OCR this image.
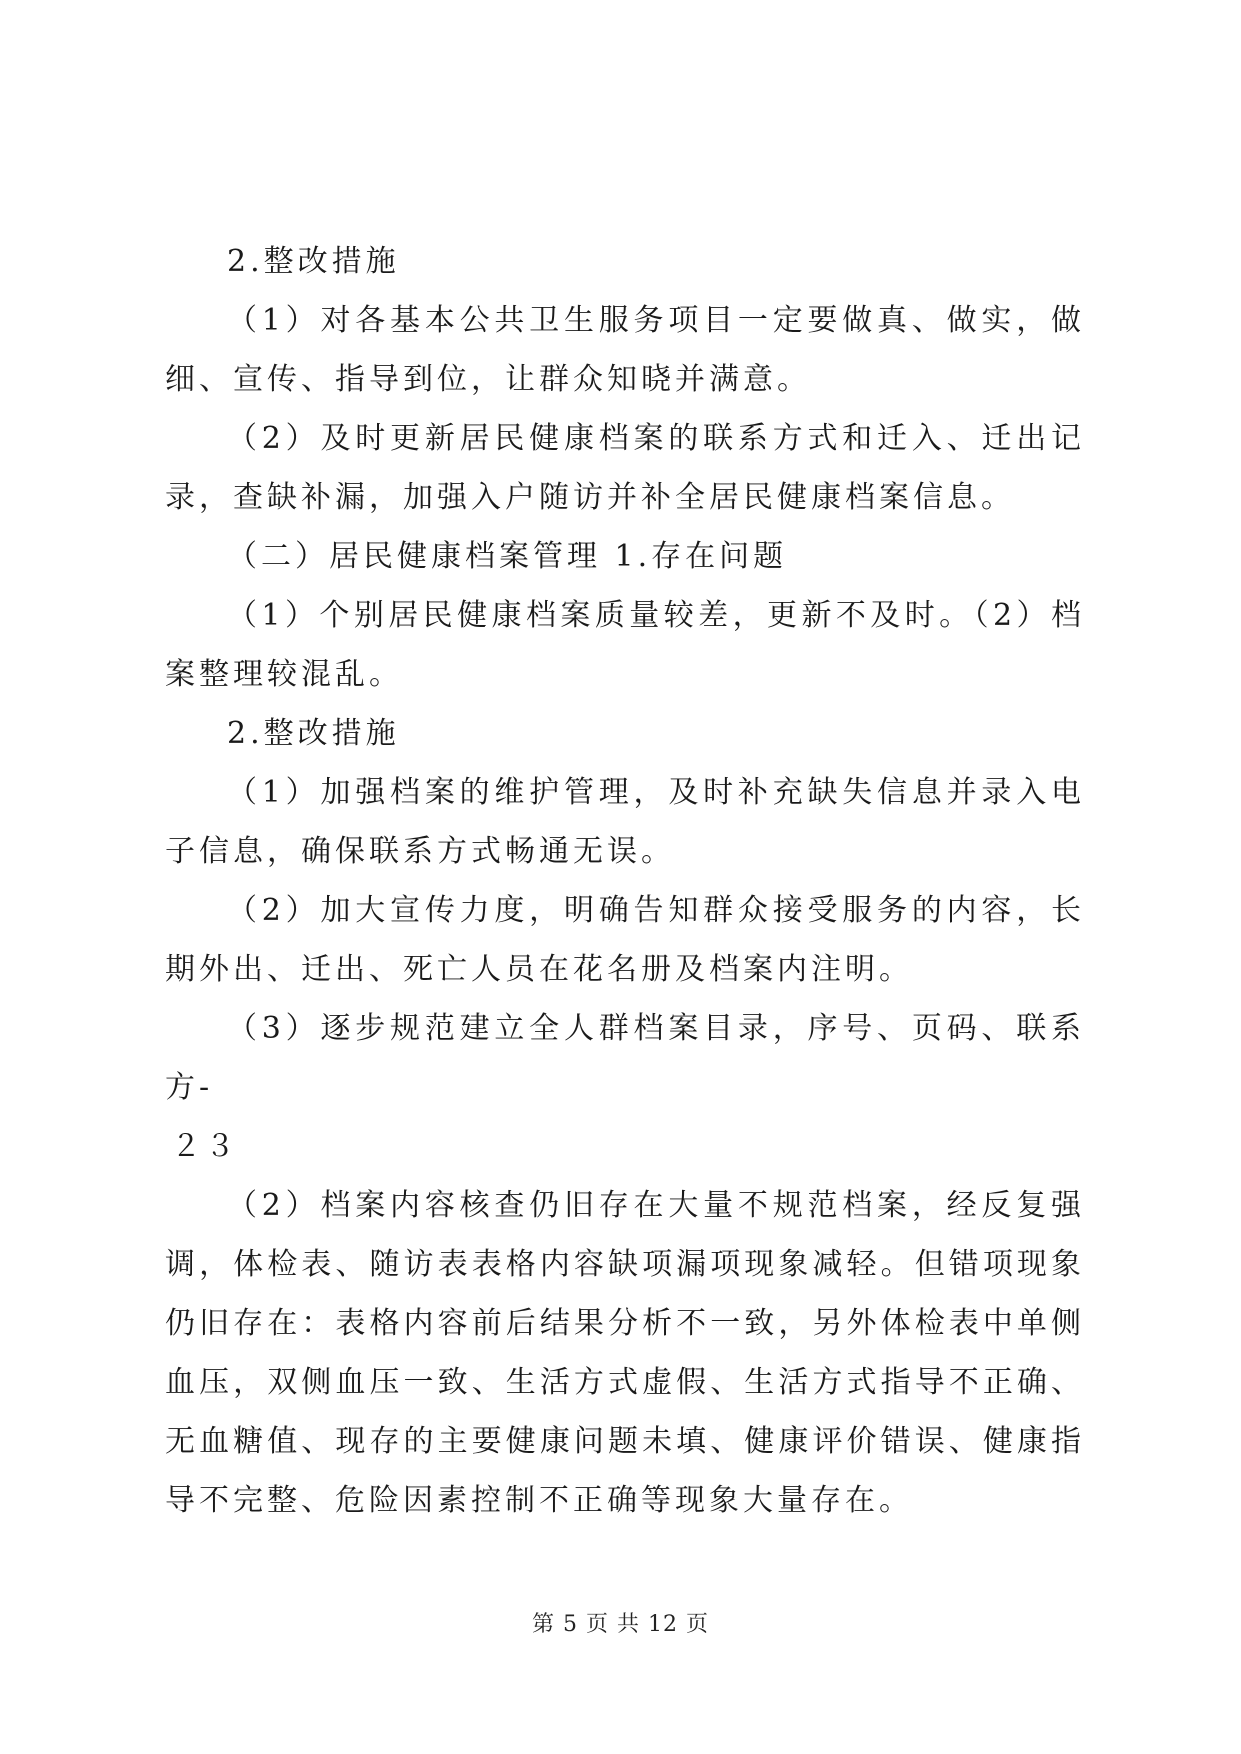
2.整改措施

（1）对各基本公共卫生服务项目一定要做真、做实，做细、宣传、指导到位，让群众知晓并满意。

（2）及时更新居民健康档案的联系方式和迁入、迁出记录，查缺补漏，加强入户随访并补全居民健康档案信息。

（二）居民健康档案管理 1.存在问题

（1）个别居民健康档案质量较差，更新不及时。（2）档案整理较混乱。

2.整改措施

（1）加强档案的维护管理，及时补充缺失信息并录入电子信息，确保联系方式畅通无误。

（2）加大宣传力度，明确告知群众接受服务的内容，长期外出、迁出、死亡人员在花名册及档案内注明。

（3）逐步规范建立全人群档案目录，序号、页码、联系方-

２３

（2）档案内容核查仍旧存在大量不规范档案，经反复强调，体检表、随访表表格内容缺项漏项现象减轻。但错项现象仍旧存在：表格内容前后结果分析不一致，另外体检表中单侧血压，双侧血压一致、生活方式虚假、生活方式指导不正确、无血糖值、现存的主要健康问题未填、健康评价错误、健康指导不完整、危险因素控制不正确等现象大量存在。

第 5 页 共 12 页
